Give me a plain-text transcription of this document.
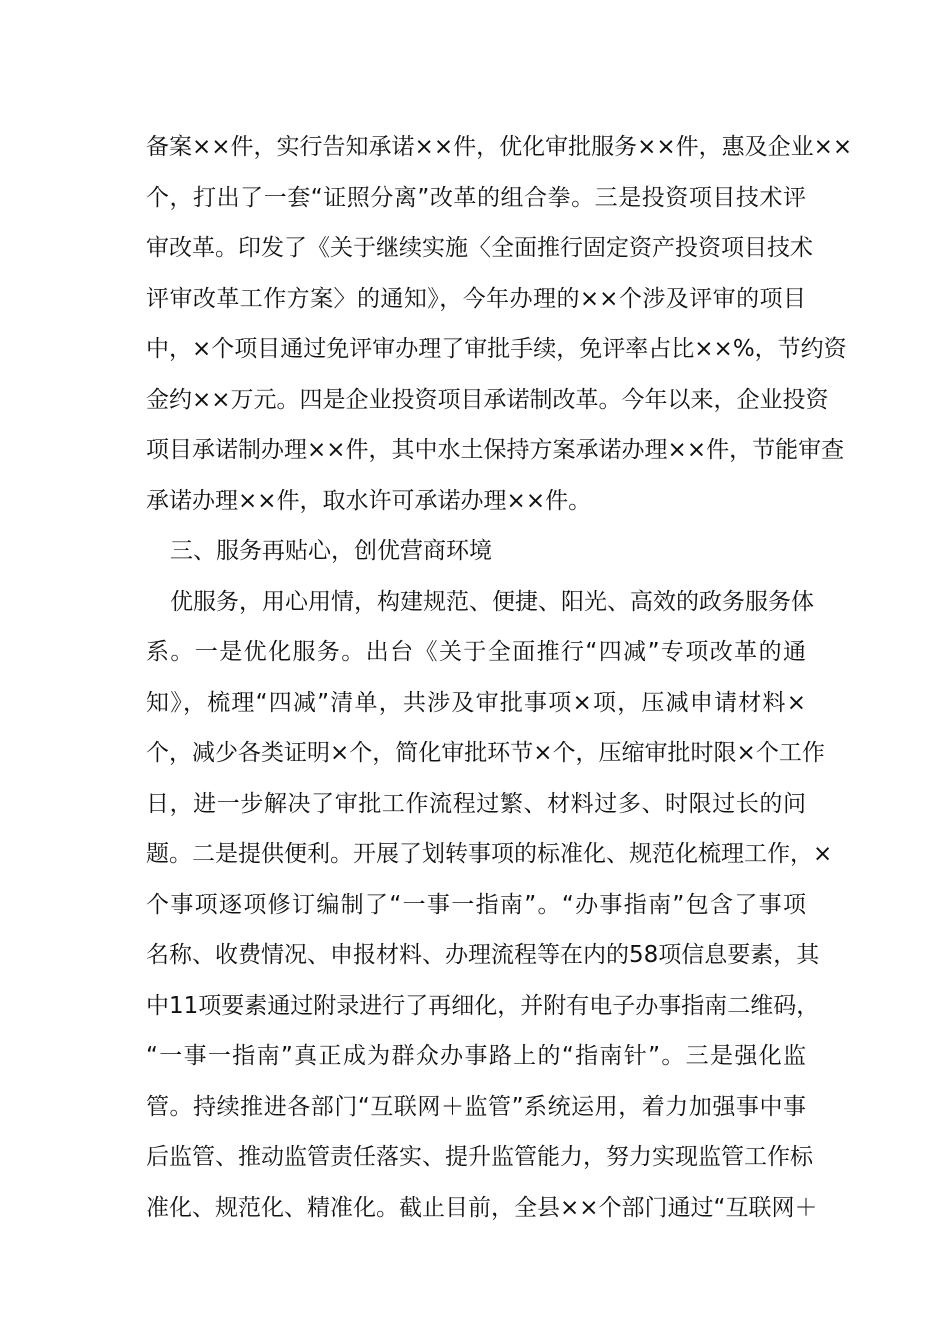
备案××件，实行告知承诺××件，优化审批服务××件，惠及企业××
个，打出了一套“证照分离”改革的组合拳。三是投资项目技术评
审改革。印发了《关于继续实施〈全面推行固定资产投资项目技术
评审改革工作方案〉的通知》，今年办理的××个涉及评审的项目
中，×个项目通过免评审办理了审批手续，免评率占比××%，节约资
金约××万元。四是企业投资项目承诺制改革。今年以来，企业投资
项目承诺制办理××件，其中水土保持方案承诺办理××件，节能审查
承诺办理××件，取水许可承诺办理××件。
三、服务再贴心，创优营商环境
优服务，用心用情，构建规范、便捷、阳光、高效的政务服务体
系。一是优化服务。出台《关于全面推行“四减”专项改革的通
知》，梳理“四减”清单，共涉及审批事项×项，压减申请材料×
个，减少各类证明×个，简化审批环节×个，压缩审批时限×个工作
日，进一步解决了审批工作流程过繁、材料过多、时限过长的问
题。二是提供便利。开展了划转事项的标准化、规范化梳理工作，×
个事项逐项修订编制了“一事一指南”。“办事指南”包含了事项
名称、收费情况、申报材料、办理流程等在内的58项信息要素，其
中11项要素通过附录进行了再细化，并附有电子办事指南二维码，
“一事一指南”真正成为群众办事路上的“指南针”。三是强化监
管。持续推进各部门“互联网＋监管”系统运用，着力加强事中事
后监管、推动监管责任落实、提升监管能力，努力实现监管工作标
准化、规范化、精准化。截止目前，全县××个部门通过“互联网＋
